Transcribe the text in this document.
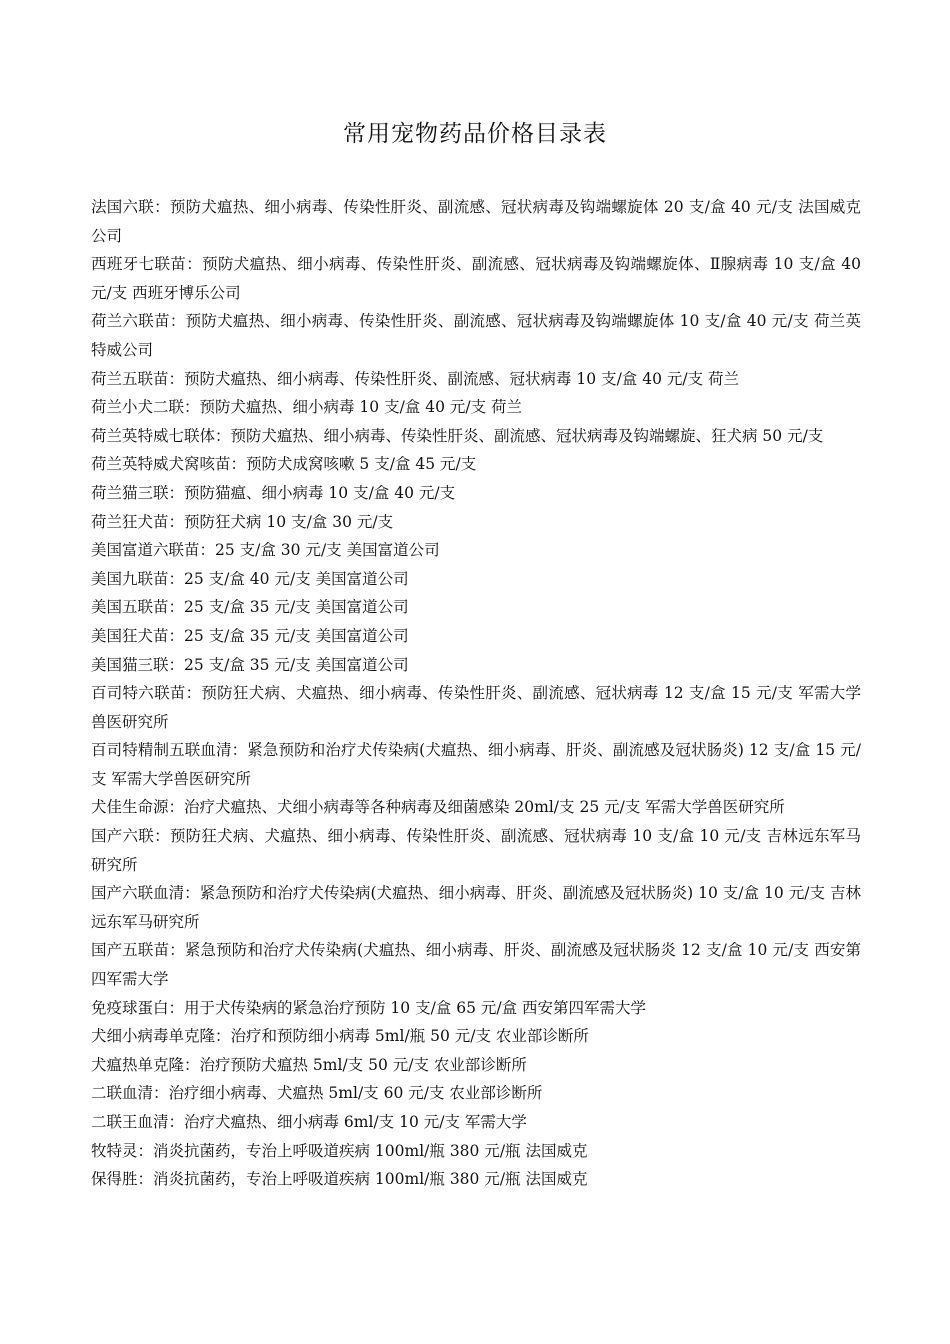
常用宠物药品价格目录表
法国六联：预防犬瘟热、细小病毒、传染性肝炎、副流感、冠状病毒及钩端螺旋体 20 支/盒 40 元/支 法国威克公司
西班牙七联苗：预防犬瘟热、细小病毒、传染性肝炎、副流感、冠状病毒及钩端螺旋体、Ⅱ腺病毒 10 支/盒 40 元/支 西班牙博乐公司
荷兰六联苗：预防犬瘟热、细小病毒、传染性肝炎、副流感、冠状病毒及钩端螺旋体 10 支/盒 40 元/支 荷兰英特威公司
荷兰五联苗：预防犬瘟热、细小病毒、传染性肝炎、副流感、冠状病毒 10 支/盒 40 元/支 荷兰
荷兰小犬二联：预防犬瘟热、细小病毒 10 支/盒 40 元/支 荷兰
荷兰英特威七联体：预防犬瘟热、细小病毒、传染性肝炎、副流感、冠状病毒及钩端螺旋、狂犬病 50 元/支
荷兰英特威犬窝咳苗：预防犬成窝咳嗽 5 支/盒 45 元/支
荷兰猫三联：预防猫瘟、细小病毒 10 支/盒 40 元/支
荷兰狂犬苗：预防狂犬病 10 支/盒 30 元/支
美国富道六联苗：25 支/盒 30 元/支 美国富道公司
美国九联苗：25 支/盒 40 元/支 美国富道公司
美国五联苗：25 支/盒 35 元/支 美国富道公司
美国狂犬苗：25 支/盒 35 元/支 美国富道公司
美国猫三联：25 支/盒 35 元/支 美国富道公司
百司特六联苗：预防狂犬病、犬瘟热、细小病毒、传染性肝炎、副流感、冠状病毒 12 支/盒 15 元/支 军需大学兽医研究所
百司特精制五联血清：紧急预防和治疗犬传染病(犬瘟热、细小病毒、肝炎、副流感及冠状肠炎) 12 支/盒 15 元/支 军需大学兽医研究所
犬佳生命源：治疗犬瘟热、犬细小病毒等各种病毒及细菌感染 20ml/支 25 元/支 军需大学兽医研究所
国产六联：预防狂犬病、犬瘟热、细小病毒、传染性肝炎、副流感、冠状病毒 10 支/盒 10 元/支 吉林远东军马研究所
国产六联血清：紧急预防和治疗犬传染病(犬瘟热、细小病毒、肝炎、副流感及冠状肠炎) 10 支/盒 10 元/支 吉林远东军马研究所
国产五联苗：紧急预防和治疗犬传染病(犬瘟热、细小病毒、肝炎、副流感及冠状肠炎 12 支/盒 10 元/支 西安第四军需大学
免疫球蛋白：用于犬传染病的紧急治疗预防 10 支/盒 65 元/盒 西安第四军需大学
犬细小病毒单克隆：治疗和预防细小病毒 5ml/瓶 50 元/支 农业部诊断所
犬瘟热单克隆：治疗预防犬瘟热 5ml/支 50 元/支 农业部诊断所
二联血清：治疗细小病毒、犬瘟热 5ml/支 60 元/支 农业部诊断所
二联王血清：治疗犬瘟热、细小病毒 6ml/支 10 元/支 军需大学
牧特灵：消炎抗菌药，专治上呼吸道疾病 100ml/瓶 380 元/瓶 法国威克
保得胜：消炎抗菌药，专治上呼吸道疾病 100ml/瓶 380 元/瓶 法国威克
